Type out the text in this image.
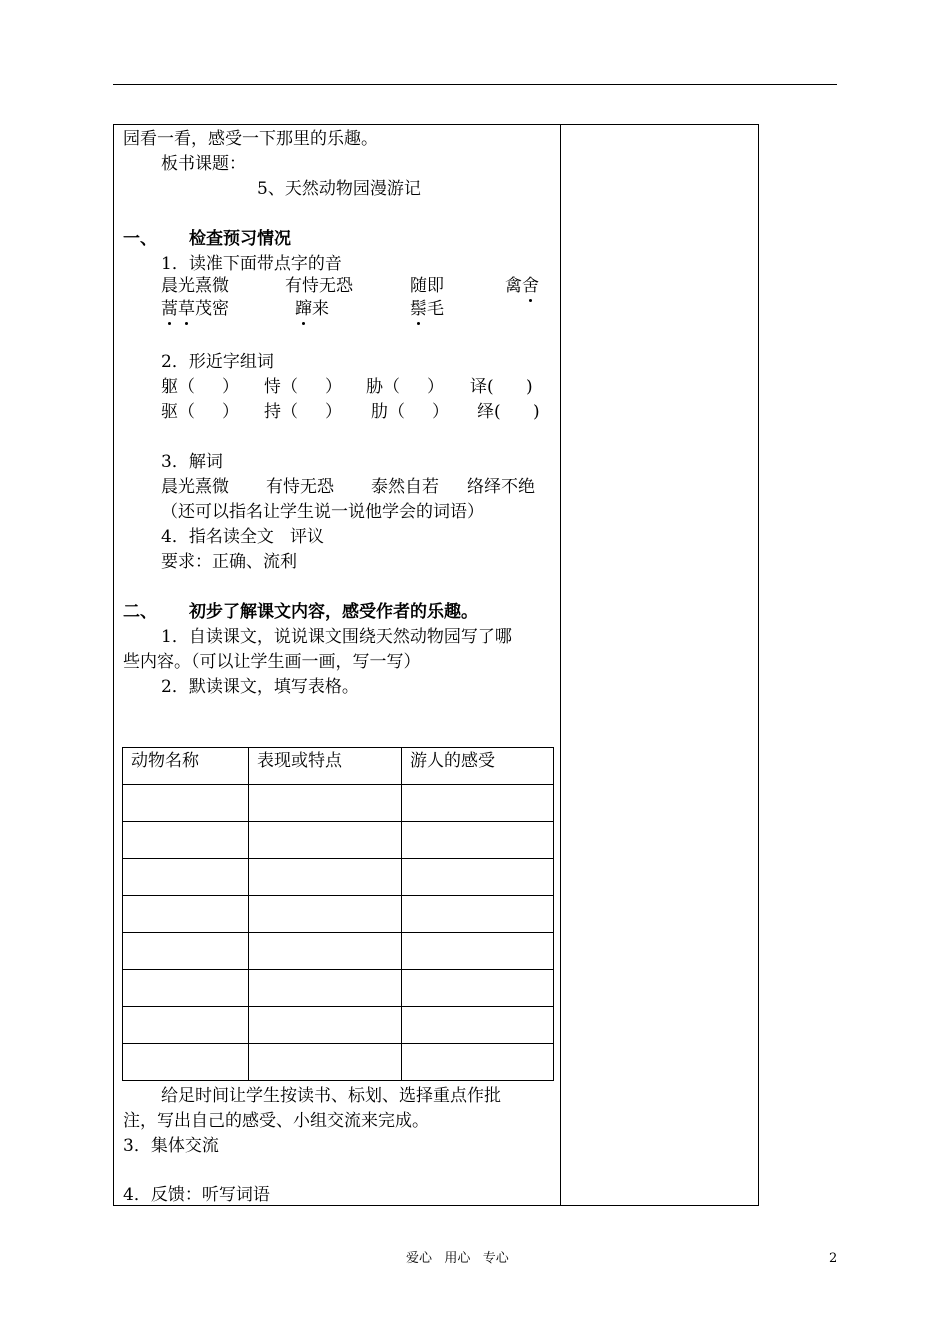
园看一看，感受一下那里的乐趣。
板书课题：
5、天然动物园漫游记
一、 检查预习情况
1．读准下面带点字的音
晨光熹微	有恃无恐	随即	禽舍
蒿草茂密	蹿来	鬃毛
2．形近字组词
躯（     ） 恃（     ） 胁（     ） 译(      )
驱（     ） 持（     ） 肋（     ） 绎(      )
3．解词
晨光熹微 有恃无恐 泰然自若 络绎不绝
（还可以指名让学生说一说他学会的词语）
4．指名读全文   评议
要求：正确、流利
二、 初步了解课文内容，感受作者的乐趣。
1．自读课文，说说课文围绕天然动物园写了哪
些内容。（可以让学生画一画，写一写）
2．默读课文，填写表格。
动物名称	表现或特点	游人的感受

给足时间让学生按读书、标划、选择重点作批
注，写出自己的感受、小组交流来完成。
3．集体交流
4．反馈：听写词语
爱心   用心   专心	2
